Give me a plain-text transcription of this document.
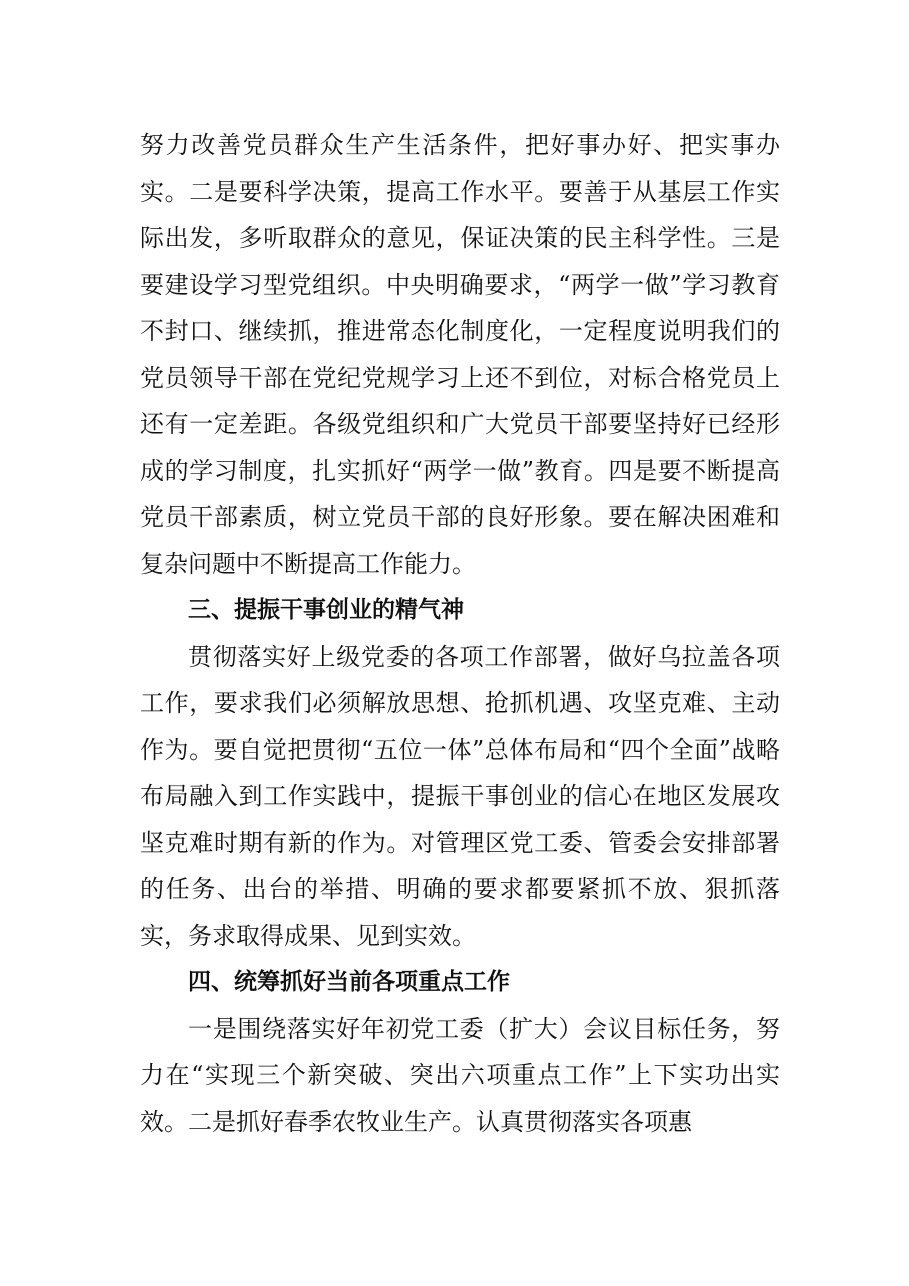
努力改善党员群众生产生活条件，把好事办好、把实事办实。二是要科学决策，提高工作水平。要善于从基层工作实际出发，多听取群众的意见，保证决策的民主科学性。三是要建设学习型党组织。中央明确要求，“两学一做”学习教育不封口、继续抓，推进常态化制度化，一定程度说明我们的党员领导干部在党纪党规学习上还不到位，对标合格党员上还有一定差距。各级党组织和广大党员干部要坚持好已经形成的学习制度，扎实抓好“两学一做”教育。四是要不断提高党员干部素质，树立党员干部的良好形象。要在解决困难和复杂问题中不断提高工作能力。

三、提振干事创业的精气神

贯彻落实好上级党委的各项工作部署，做好乌拉盖各项工作，要求我们必须解放思想、抢抓机遇、攻坚克难、主动作为。要自觉把贯彻“五位一体”总体布局和“四个全面”战略布局融入到工作实践中，提振干事创业的信心在地区发展攻坚克难时期有新的作为。对管理区党工委、管委会安排部署的任务、出台的举措、明确的要求都要紧抓不放、狠抓落实，务求取得成果、见到实效。

四、统筹抓好当前各项重点工作

一是围绕落实好年初党工委（扩大）会议目标任务，努力在“实现三个新突破、突出六项重点工作”上下实功出实效。二是抓好春季农牧业生产。认真贯彻落实各项惠
